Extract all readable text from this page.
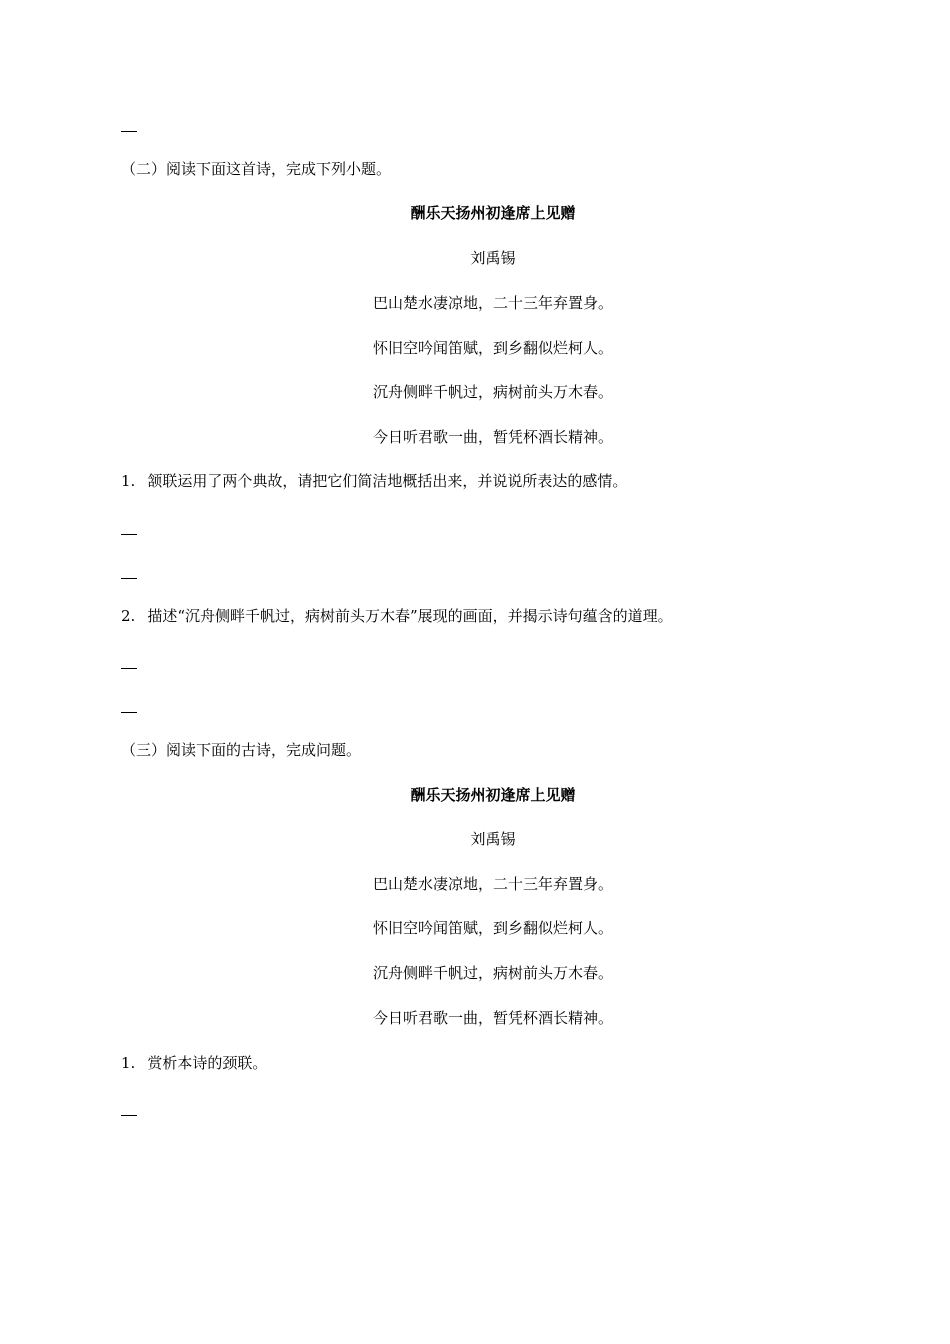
（二）阅读下面这首诗，完成下列小题。
酬乐天扬州初逢席上见赠
刘禹锡
巴山楚水凄凉地，二十三年弃置身。
怀旧空吟闻笛赋，到乡翻似烂柯人。
沉舟侧畔千帆过，病树前头万木春。
今日听君歌一曲，暂凭杯酒长精神。
1. 颔联运用了两个典故，请把它们简洁地概括出来，并说说所表达的感情。
2. 描述“沉舟侧畔千帆过，病树前头万木春”展现的画面，并揭示诗句蕴含的道理。
（三）阅读下面的古诗，完成问题。
酬乐天扬州初逢席上见赠
刘禹锡
巴山楚水凄凉地，二十三年弃置身。
怀旧空吟闻笛赋，到乡翻似烂柯人。
沉舟侧畔千帆过，病树前头万木春。
今日听君歌一曲，暂凭杯酒长精神。
1. 赏析本诗的颈联。
